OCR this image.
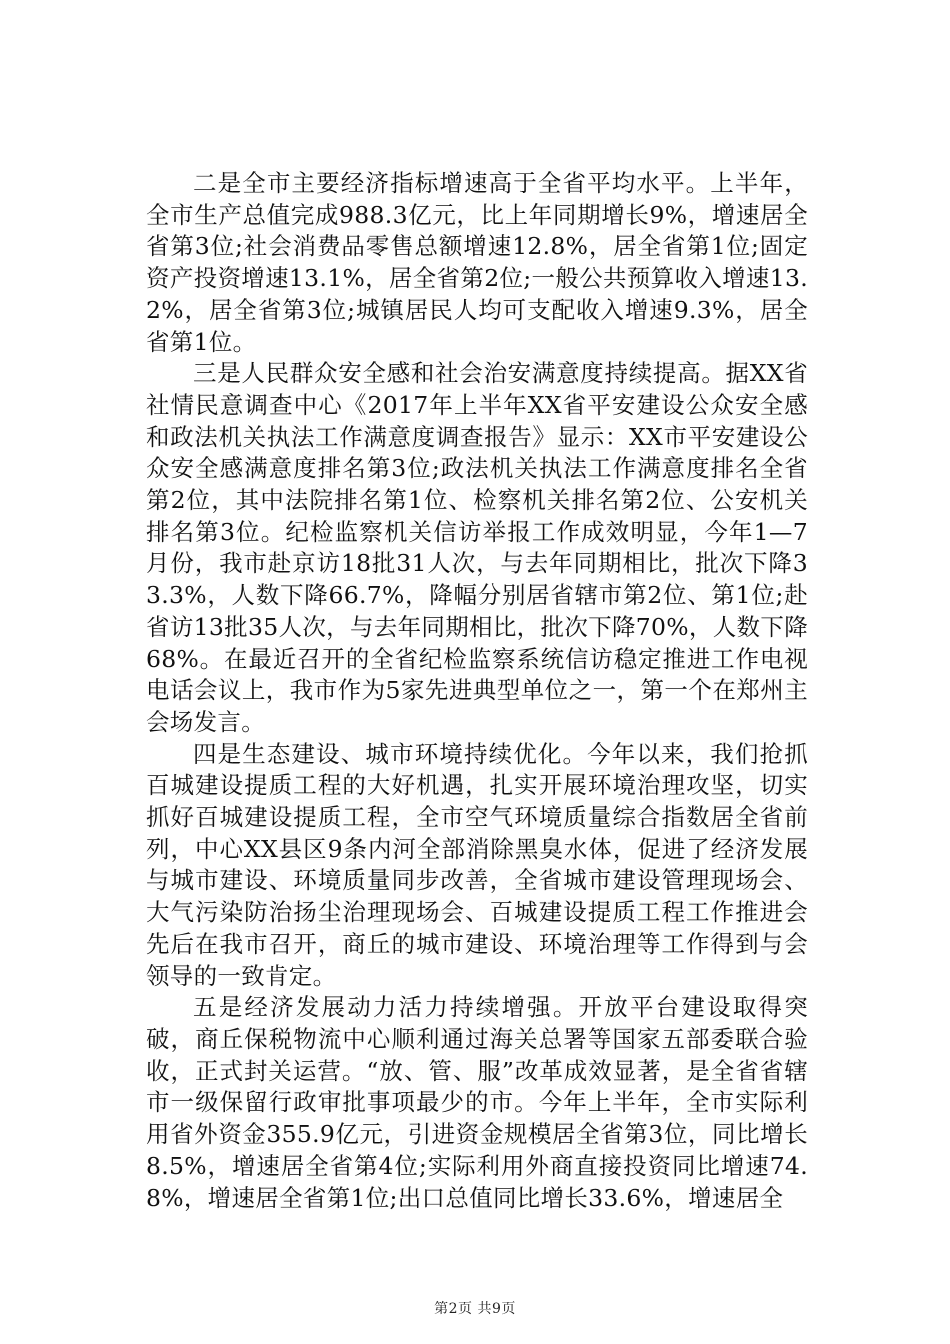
二是全市主要经济指标增速高于全省平均水平。上半年，全市生产总值完成988.3亿元，比上年同期增长9%，增速居全省第3位;社会消费品零售总额增速12.8%，居全省第1位;固定资产投资增速13.1%，居全省第2位;一般公共预算收入增速13.2%，居全省第3位;城镇居民人均可支配收入增速9.3%，居全省第1位。

三是人民群众安全感和社会治安满意度持续提高。据XX省社情民意调查中心《2017年上半年XX省平安建设公众安全感和政法机关执法工作满意度调查报告》显示：XX市平安建设公众安全感满意度排名第3位;政法机关执法工作满意度排名全省第2位，其中法院排名第1位、检察机关排名第2位、公安机关排名第3位。纪检监察机关信访举报工作成效明显，今年1—7月份，我市赴京访18批31人次，与去年同期相比，批次下降33.3%，人数下降66.7%，降幅分别居省辖市第2位、第1位;赴省访13批35人次，与去年同期相比，批次下降70%，人数下降68%。在最近召开的全省纪检监察系统信访稳定推进工作电视电话会议上，我市作为5家先进典型单位之一，第一个在郑州主会场发言。

四是生态建设、城市环境持续优化。今年以来，我们抢抓百城建设提质工程的大好机遇，扎实开展环境治理攻坚，切实抓好百城建设提质工程，全市空气环境质量综合指数居全省前列，中心XX县区9条内河全部消除黑臭水体，促进了经济发展与城市建设、环境质量同步改善，全省城市建设管理现场会、大气污染防治扬尘治理现场会、百城建设提质工程工作推进会先后在我市召开，商丘的城市建设、环境治理等工作得到与会领导的一致肯定。

五是经济发展动力活力持续增强。开放平台建设取得突破，商丘保税物流中心顺利通过海关总署等国家五部委联合验收，正式封关运营。“放、管、服”改革成效显著，是全省省辖市一级保留行政审批事项最少的市。今年上半年，全市实际利用省外资金355.9亿元，引进资金规模居全省第3位，同比增长8.5%，增速居全省第4位;实际利用外商直接投资同比增速74.8%，增速居全省第1位;出口总值同比增长33.6%，增速居全

第2页 共9页
